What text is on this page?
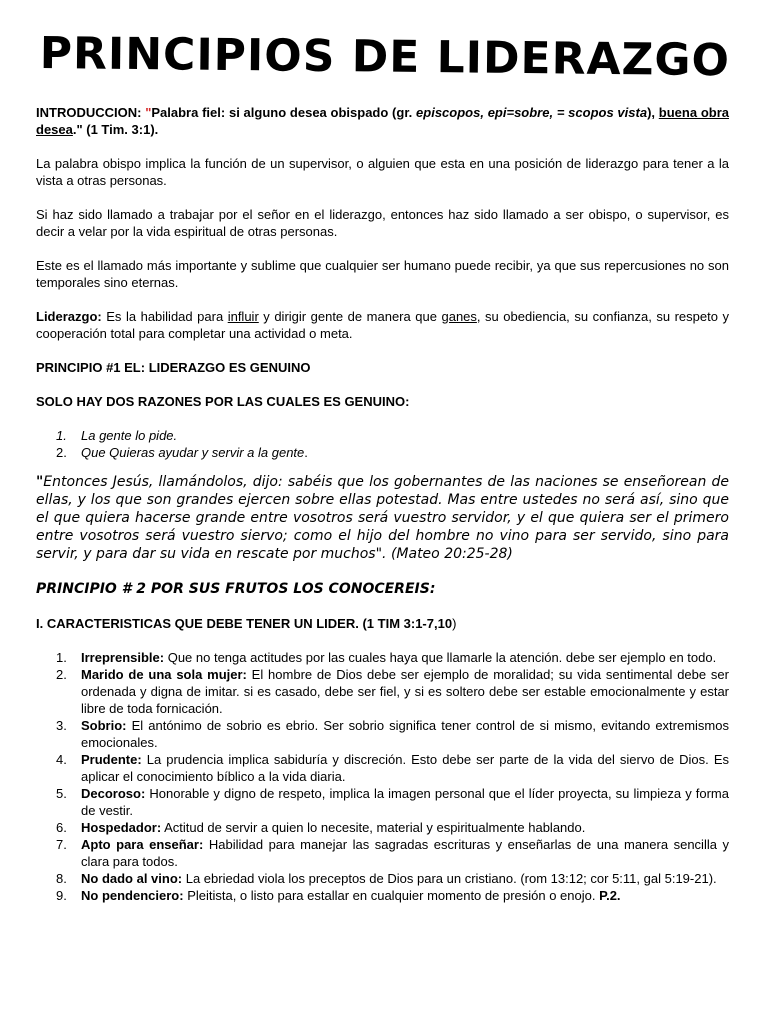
PRINCIPIOS DE LIDERAZGO

INTRODUCCION: "Palabra fiel: si alguno desea obispado (gr. episcopos, epi=sobre, = scopos vista), buena obra desea." (1 Tim. 3:1).

La palabra obispo implica la función de un supervisor, o alguien que esta en una posición de liderazgo para tener a la vista a otras personas.

Si haz sido llamado a trabajar por el señor en el liderazgo, entonces haz sido llamado a ser obispo, o supervisor, es decir a velar por la vida espiritual de otras personas.

Este es el llamado más importante y sublime que cualquier ser humano puede recibir, ya que sus repercusiones no son temporales sino eternas.

Liderazgo: Es la habilidad para influir y dirigir gente de manera que ganes, su obediencia, su confianza, su respeto y cooperación total para completar una actividad o meta.

PRINCIPIO #1 EL: LIDERAZGO ES GENUINO

SOLO HAY DOS RAZONES POR LAS CUALES ES GENUINO:

1. La gente lo pide.
2. Que Quieras ayudar y servir a la gente.

"Entonces Jesús, llamándolos, dijo: sabéis que los gobernantes de las naciones se enseñorean de ellas, y los que son grandes ejercen sobre ellas potestad. Mas entre ustedes no será así, sino que el que quiera hacerse grande entre vosotros será vuestro servidor, y el que quiera ser el primero entre vosotros será vuestro siervo; como el hijo del hombre no vino para ser servido, sino para servir, y para dar su vida en rescate por muchos". (Mateo 20:25-28)

PRINCIPIO # 2 POR SUS FRUTOS LOS CONOCEREIS:

I. CARACTERISTICAS QUE DEBE TENER UN LIDER. (1 TIM 3:1-7,10)

1. Irreprensible: Que no tenga actitudes por las cuales haya que llamarle la atención. debe ser ejemplo en todo.
2. Marido de una sola mujer: El hombre de Dios debe ser ejemplo de moralidad; su vida sentimental debe ser ordenada y digna de imitar. si es casado, debe ser fiel, y si es soltero debe ser estable emocionalmente y estar libre de toda fornicación.
3. Sobrio: El antónimo de sobrio es ebrio. Ser sobrio significa tener control de si mismo, evitando extremismos emocionales.
4. Prudente: La prudencia implica sabiduría y discreción. Esto debe ser parte de la vida del siervo de Dios. Es aplicar el conocimiento bíblico a la vida diaria.
5. Decoroso: Honorable y digno de respeto, implica la imagen personal que el líder proyecta, su limpieza y forma de vestir.
6. Hospedador: Actitud de servir a quien lo necesite, material y espiritualmente hablando.
7. Apto para enseñar: Habilidad para manejar las sagradas escrituras y enseñarlas de una manera sencilla y clara para todos.
8. No dado al vino: La ebriedad viola los preceptos de Dios para un cristiano. (rom 13:12; cor 5:11, gal 5:19-21).
9. No pendenciero: Pleitista, o listo para estallar en cualquier momento de presión o enojo. P.2.
